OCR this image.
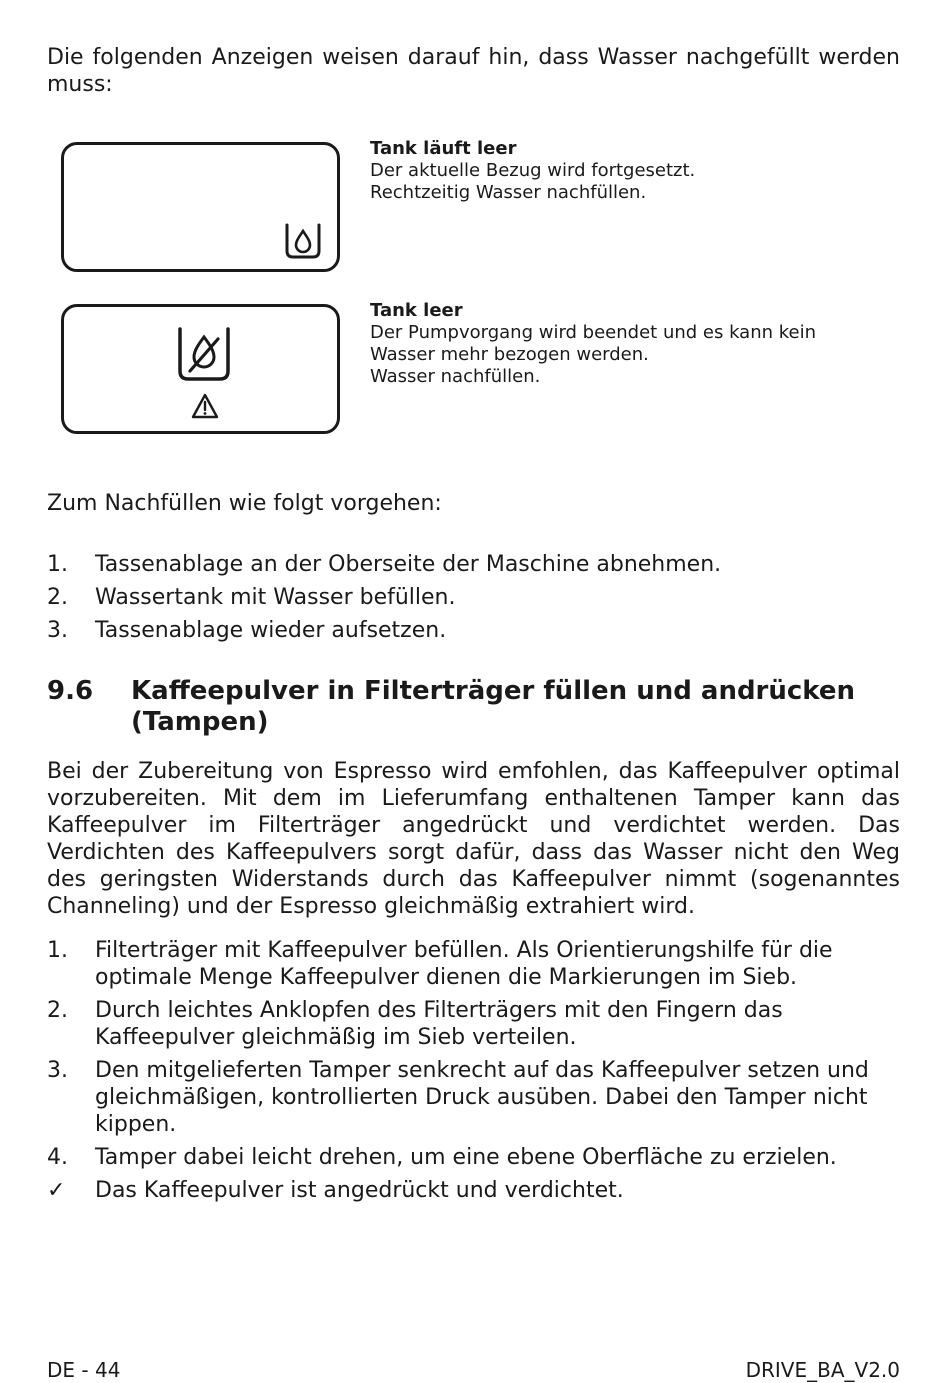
Die folgenden Anzeigen weisen darauf hin, dass Wasser nachgefüllt werden muss:

Tank läuft leer
Der aktuelle Bezug wird fortgesetzt.
Rechtzeitig Wasser nachfüllen.
Tank leer
Der Pumpvorgang wird beendet und es kann kein
Wasser mehr bezogen werden.
Wasser nachfüllen.

Zum Nachfüllen wie folgt vorgehen:

1. Tassenablage an der Oberseite der Maschine abnehmen.
2. Wassertank mit Wasser befüllen.
3. Tassenablage wieder aufsetzen.
9.6 Kaffeepulver in Filterträger füllen und andrücken (Tampen)

Bei der Zubereitung von Espresso wird emfohlen, das Kaffeepulver optimal vorzubereiten. Mit dem im Lieferumfang enthaltenen Tamper kann das Kaffeepulver im Filterträger angedrückt und verdichtet werden. Das Verdichten des Kaffeepulvers sorgt dafür, dass das Wasser nicht den Weg des geringsten Widerstands durch das Kaffeepulver nimmt (sogenanntes Channeling) und der Espresso gleichmäßig extrahiert wird.

1. Filterträger mit Kaffeepulver befüllen. Als Orientierungshilfe für die optimale Menge Kaffeepulver dienen die Markierungen im Sieb.
2. Durch leichtes Anklopfen des Filterträgers mit den Fingern das Kaffeepulver gleichmäßig im Sieb verteilen.
3. Den mitgelieferten Tamper senkrecht auf das Kaffeepulver setzen und gleichmäßigen, kontrollierten Druck ausüben. Dabei den Tamper nicht kippen.
4. Tamper dabei leicht drehen, um eine ebene Oberfläche zu erzielen.
✓ Das Kaffeepulver ist angedrückt und verdichtet.
DE - 44	DRIVE_BA_V2.0
